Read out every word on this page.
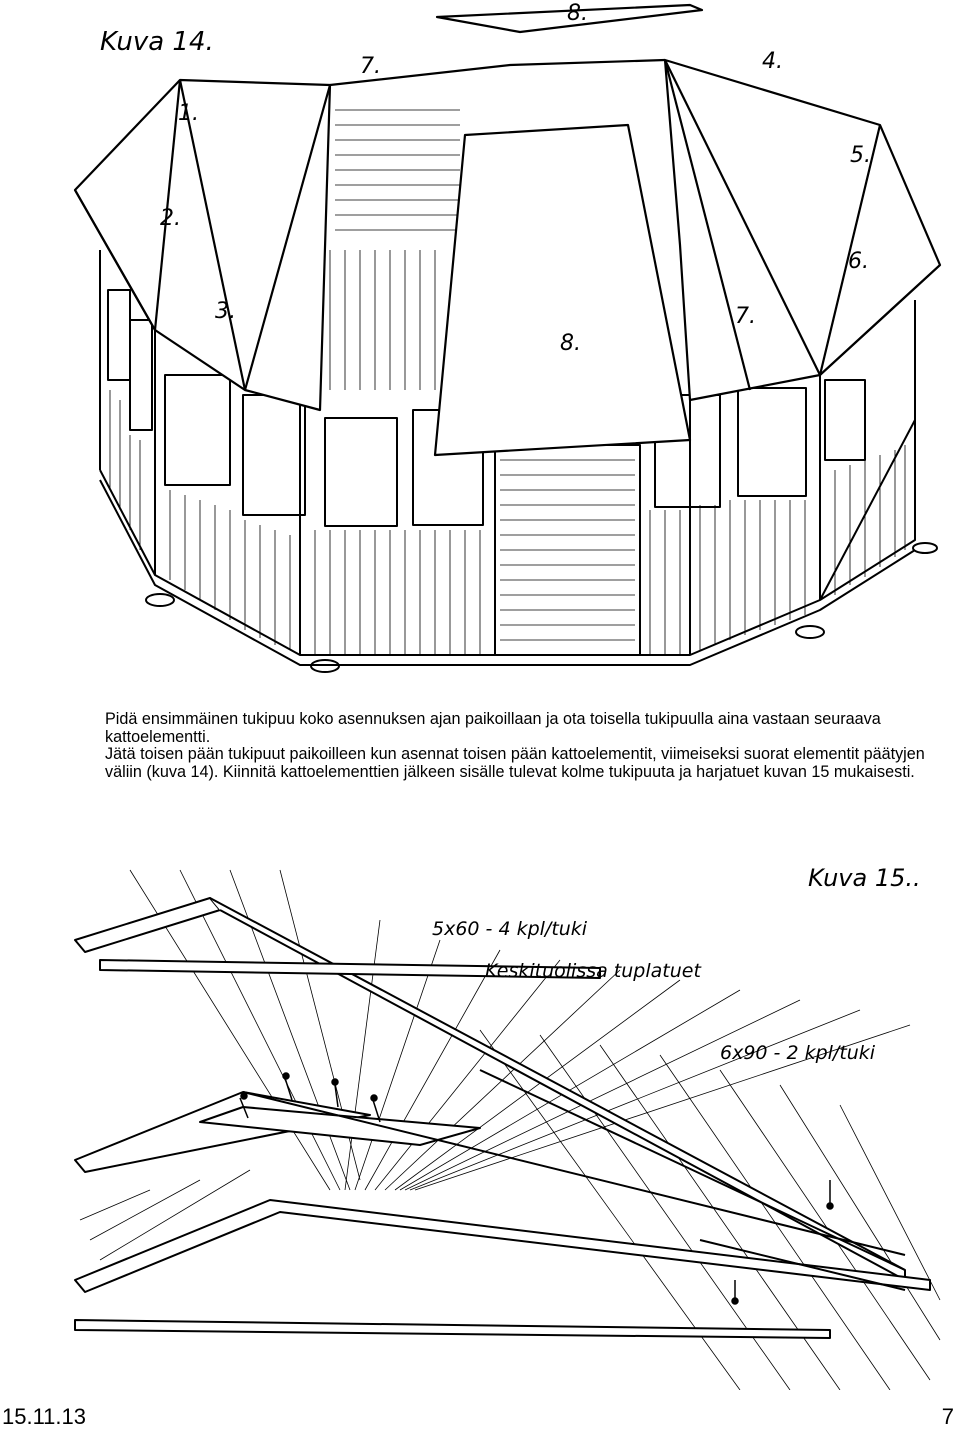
Kuva 14.
1.
2.
3.
4.
5.
6.
7.
7.
8.
8.

Pidä ensimmäinen tukipuu koko asennuksen ajan paikoillaan ja ota toisella tukipuulla aina vastaan seuraava kattoelementti.

Jätä toisen pään tukipuut paikoilleen kun asennat toisen pään kattoelementit, viimeiseksi suorat elementit päätyjen väliin (kuva 14). Kiinnitä kattoelementtien jälkeen sisälle tulevat kolme tukipuuta ja harjatuet kuvan 15 mukaisesti.

Kuva 15..
5x60 - 4 kpl/tuki
Keskituolissa tuplatuet
6x90 - 2 kpl/tuki
15.11.13	7
